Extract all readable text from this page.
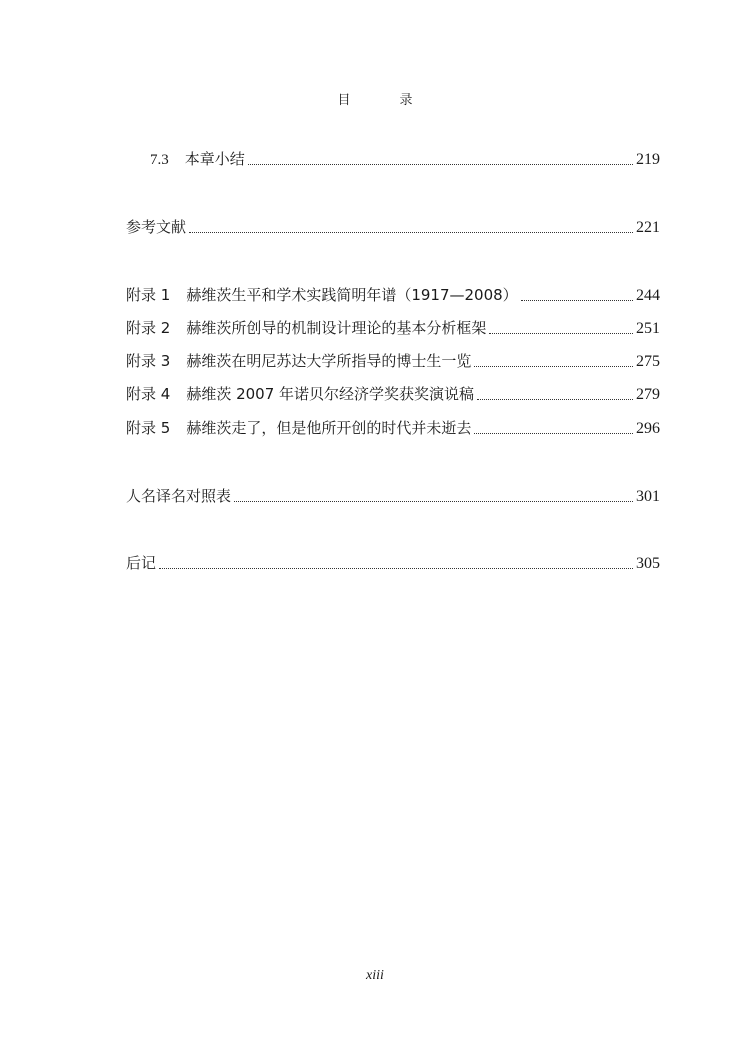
目　录
7.3 本章小结	219
参考文献	221
附录 1 赫维茨生平和学术实践简明年谱（1917—2008）	244
附录 2 赫维茨所创导的机制设计理论的基本分析框架	251
附录 3 赫维茨在明尼苏达大学所指导的博士生一览	275
附录 4 赫维茨 2007 年诺贝尔经济学奖获奖演说稿	279
附录 5 赫维茨走了，但是他所开创的时代并未逝去	296
人名译名对照表	301
后记	305
xiii
